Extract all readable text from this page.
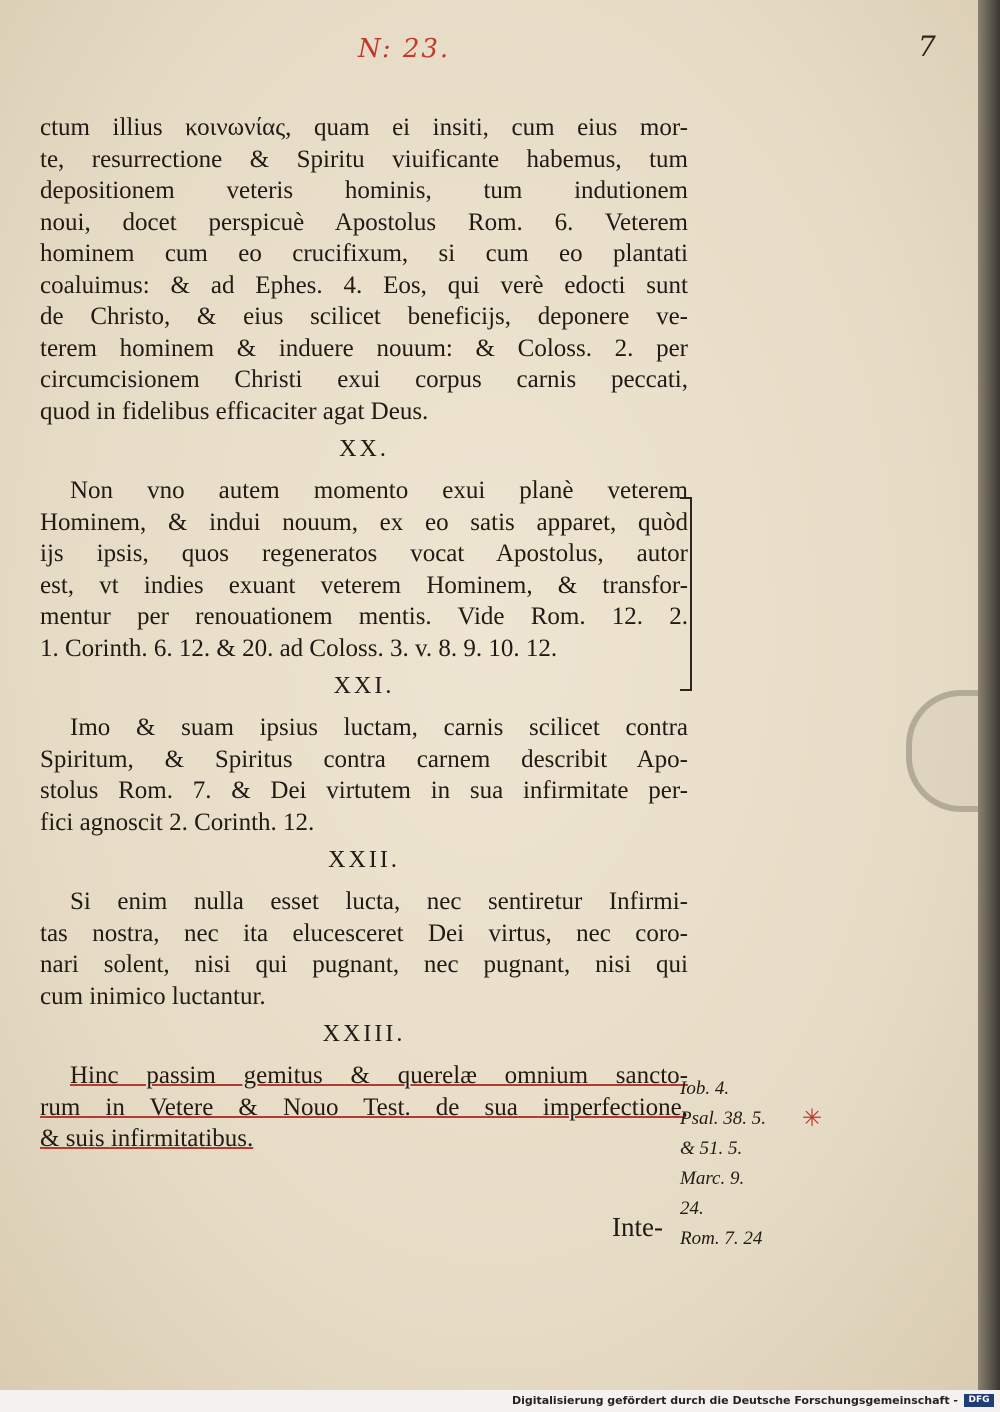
N: 23.	7
ctum illius κοινωνίας, quam ei insiti, cum eius mor-
te, resurrectione & Spiritu viuificante habemus, tum
depositionem veteris hominis, tum indutionem
noui, docet perspicuè Apostolus Rom. 6. Veterem
hominem cum eo crucifixum, si cum eo plantati
coaluimus: & ad Ephes. 4. Eos, qui verè edocti sunt
de Christo, & eius scilicet beneficijs, deponere ve-
terem hominem & induere nouum: & Coloss. 2. per
circumcisionem Christi exui corpus carnis peccati,
quod in fidelibus efficaciter agat Deus.
XX.
Non vno autem momento exui planè veterem
Hominem, & indui nouum, ex eo satis apparet, quòd
ijs ipsis, quos regeneratos vocat Apostolus, autor
est, vt indies exuant veterem Hominem, & transfor-
mentur per renouationem mentis. Vide Rom. 12. 2.
1. Corinth. 6. 12. & 20. ad Coloss. 3. v. 8. 9. 10. 12.
XXI.
Imo & suam ipsius luctam, carnis scilicet contra
Spiritum, & Spiritus contra carnem describit Apo-
stolus Rom. 7. & Dei virtutem in sua infirmitate per-
fici agnoscit 2. Corinth. 12.
XXII.
Si enim nulla esset lucta, nec sentiretur Infirmi-
tas nostra, nec ita elucesceret Dei virtus, nec coro-
nari solent, nisi qui pugnant, nec pugnant, nisi qui
cum inimico luctantur.
XXIII.
Hinc passim gemitus & querelæ omnium sancto-
rum in Vetere & Nouo Test. de sua imperfectione,
& suis infirmitatibus.
Iob. 4.
Psal. 38. 5.
& 51. 5.
Marc. 9.
24.
Rom. 7. 24
✳
Inte-
Digitalisierung gefördert durch die Deutsche Forschungsgemeinschaft -	DFG
